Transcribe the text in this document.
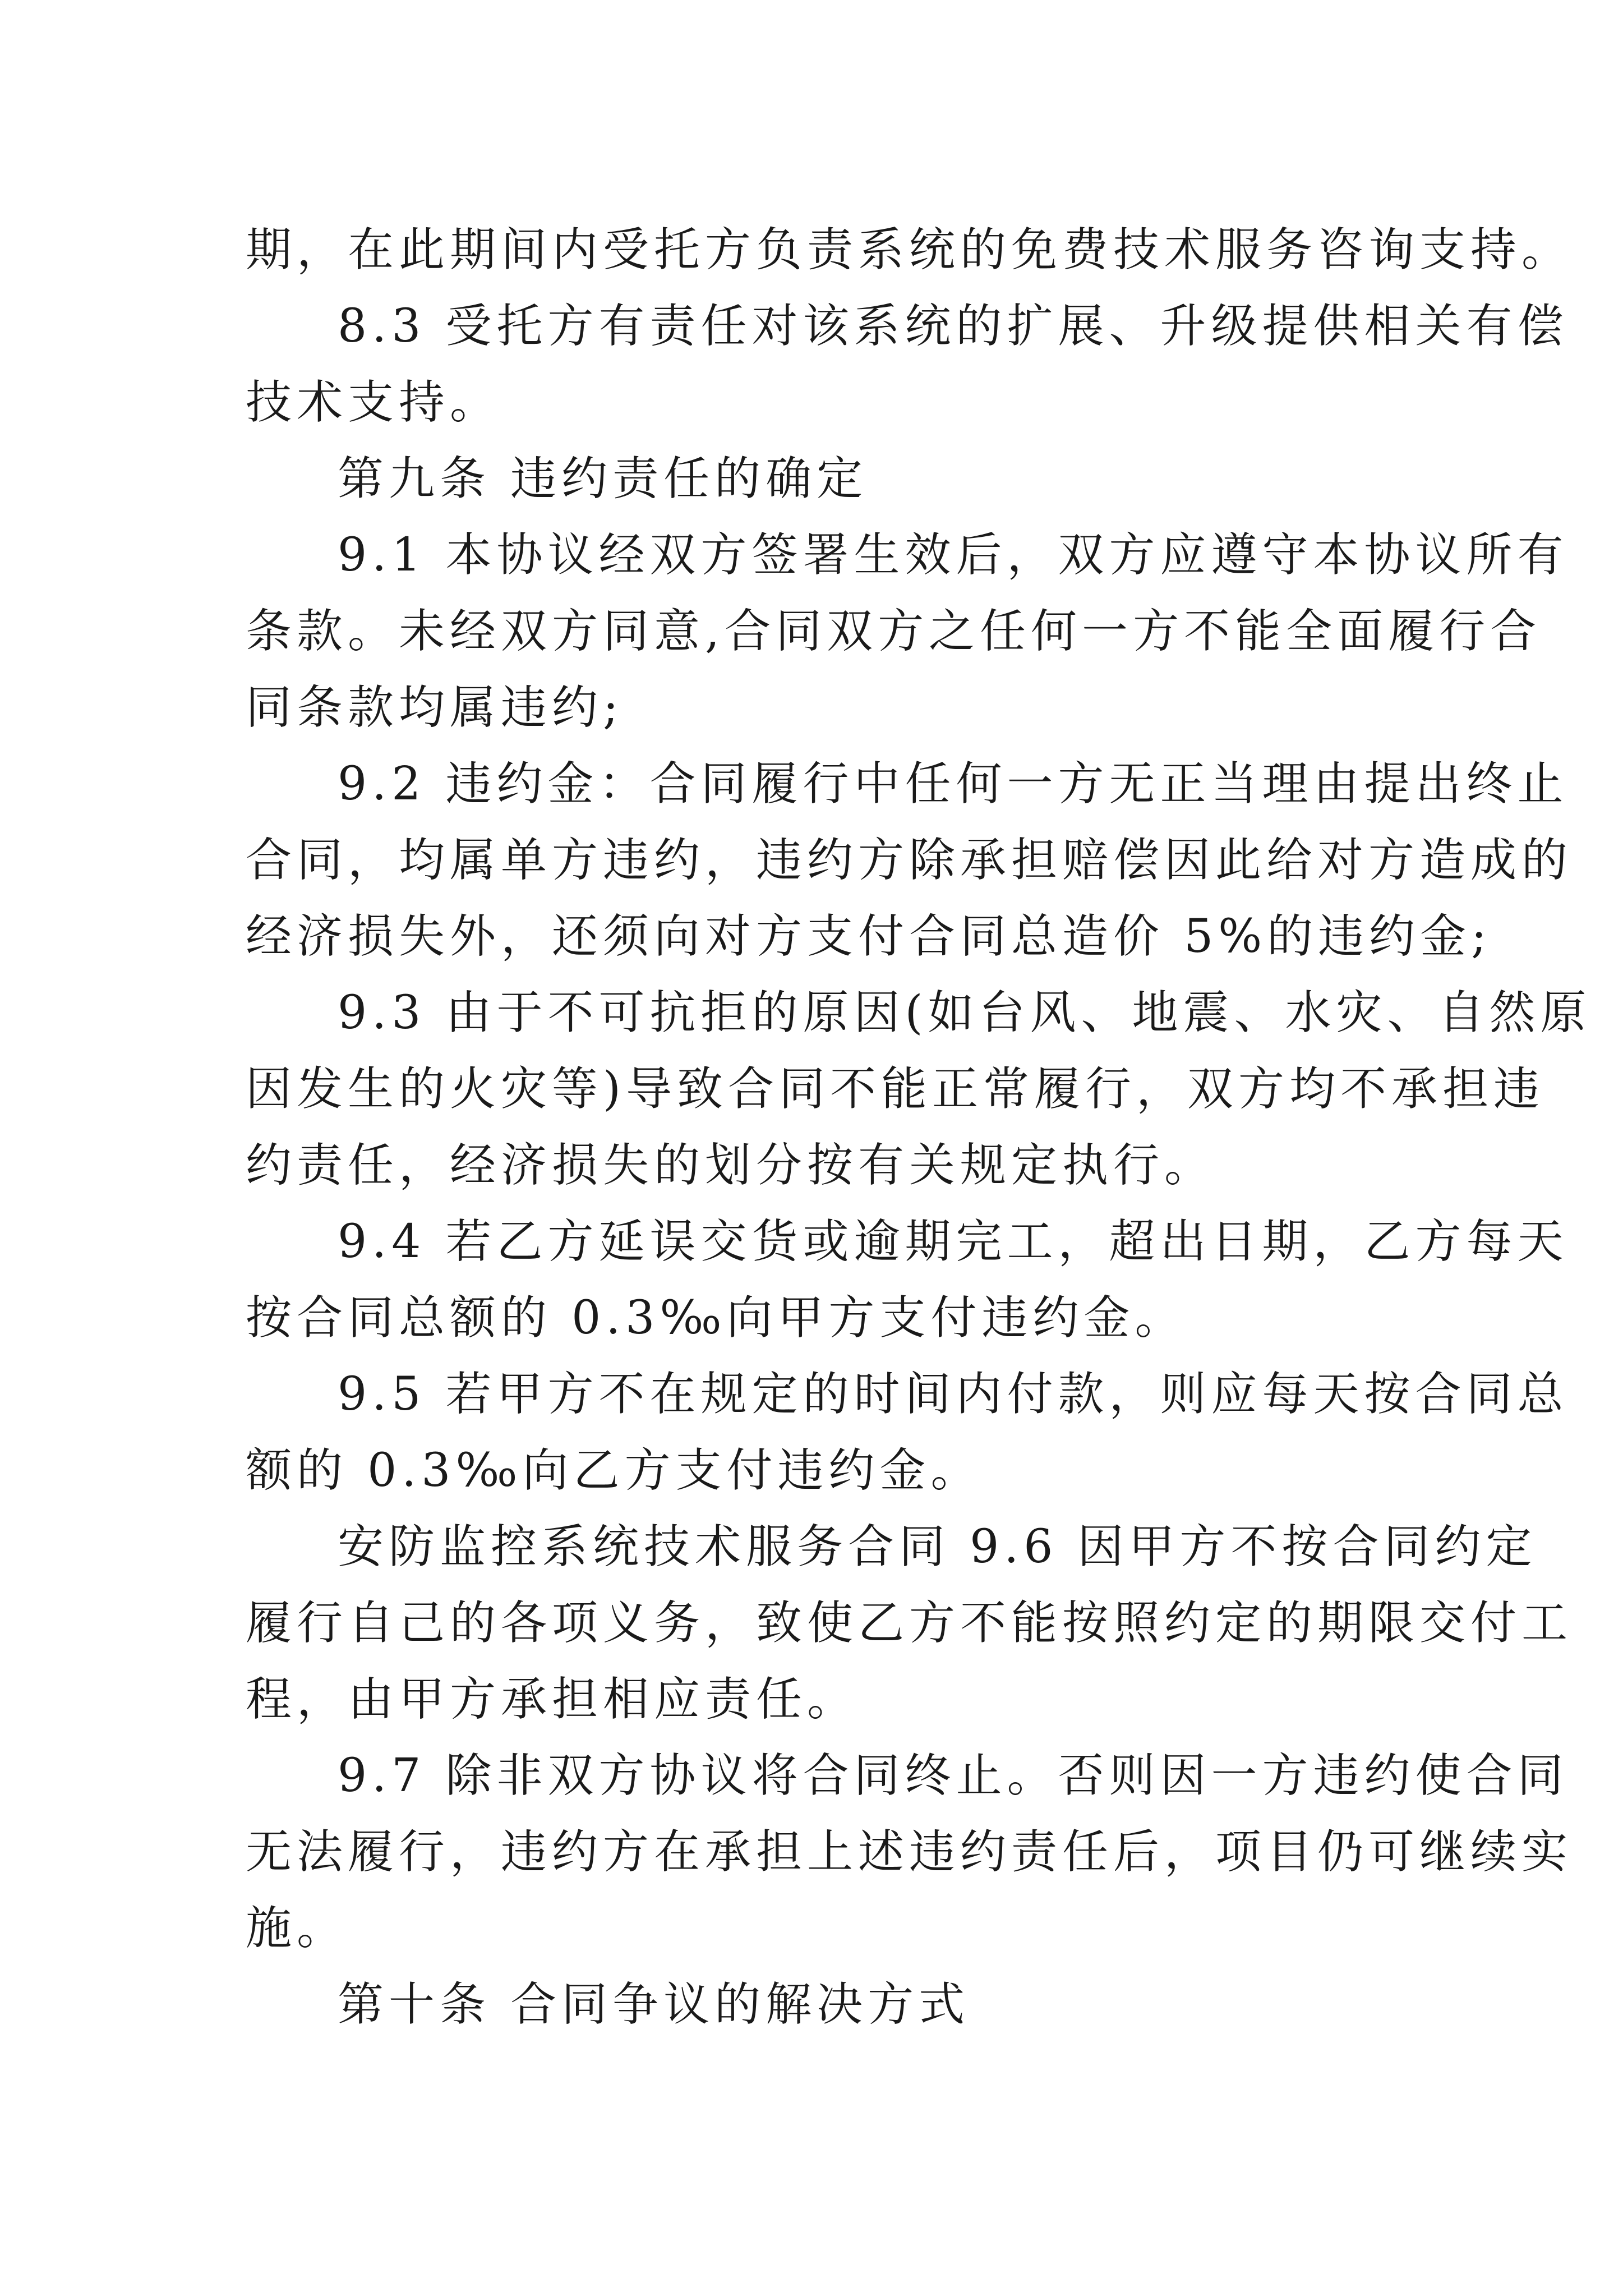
期，在此期间内受托方负责系统的免费技术服务咨询支持。
8.3 受托方有责任对该系统的扩展、升级提供相关有偿
技术支持。
第九条 违约责任的确定
9.1 本协议经双方签署生效后，双方应遵守本协议所有
条款。未经双方同意,合同双方之任何一方不能全面履行合
同条款均属违约;
9.2 违约金：合同履行中任何一方无正当理由提出终止
合同，均属单方违约，违约方除承担赔偿因此给对方造成的
经济损失外，还须向对方支付合同总造价 5%的违约金;
9.3 由于不可抗拒的原因(如台风、地震、水灾、自然原
因发生的火灾等)导致合同不能正常履行，双方均不承担违
约责任，经济损失的划分按有关规定执行。
9.4 若乙方延误交货或逾期完工，超出日期，乙方每天
按合同总额的 0.3‰向甲方支付违约金。
9.5 若甲方不在规定的时间内付款，则应每天按合同总
额的 0.3‰向乙方支付违约金。
安防监控系统技术服务合同 9.6 因甲方不按合同约定
履行自己的各项义务，致使乙方不能按照约定的期限交付工
程，由甲方承担相应责任。
9.7 除非双方协议将合同终止。否则因一方违约使合同
无法履行，违约方在承担上述违约责任后，项目仍可继续实
施。
第十条 合同争议的解决方式
